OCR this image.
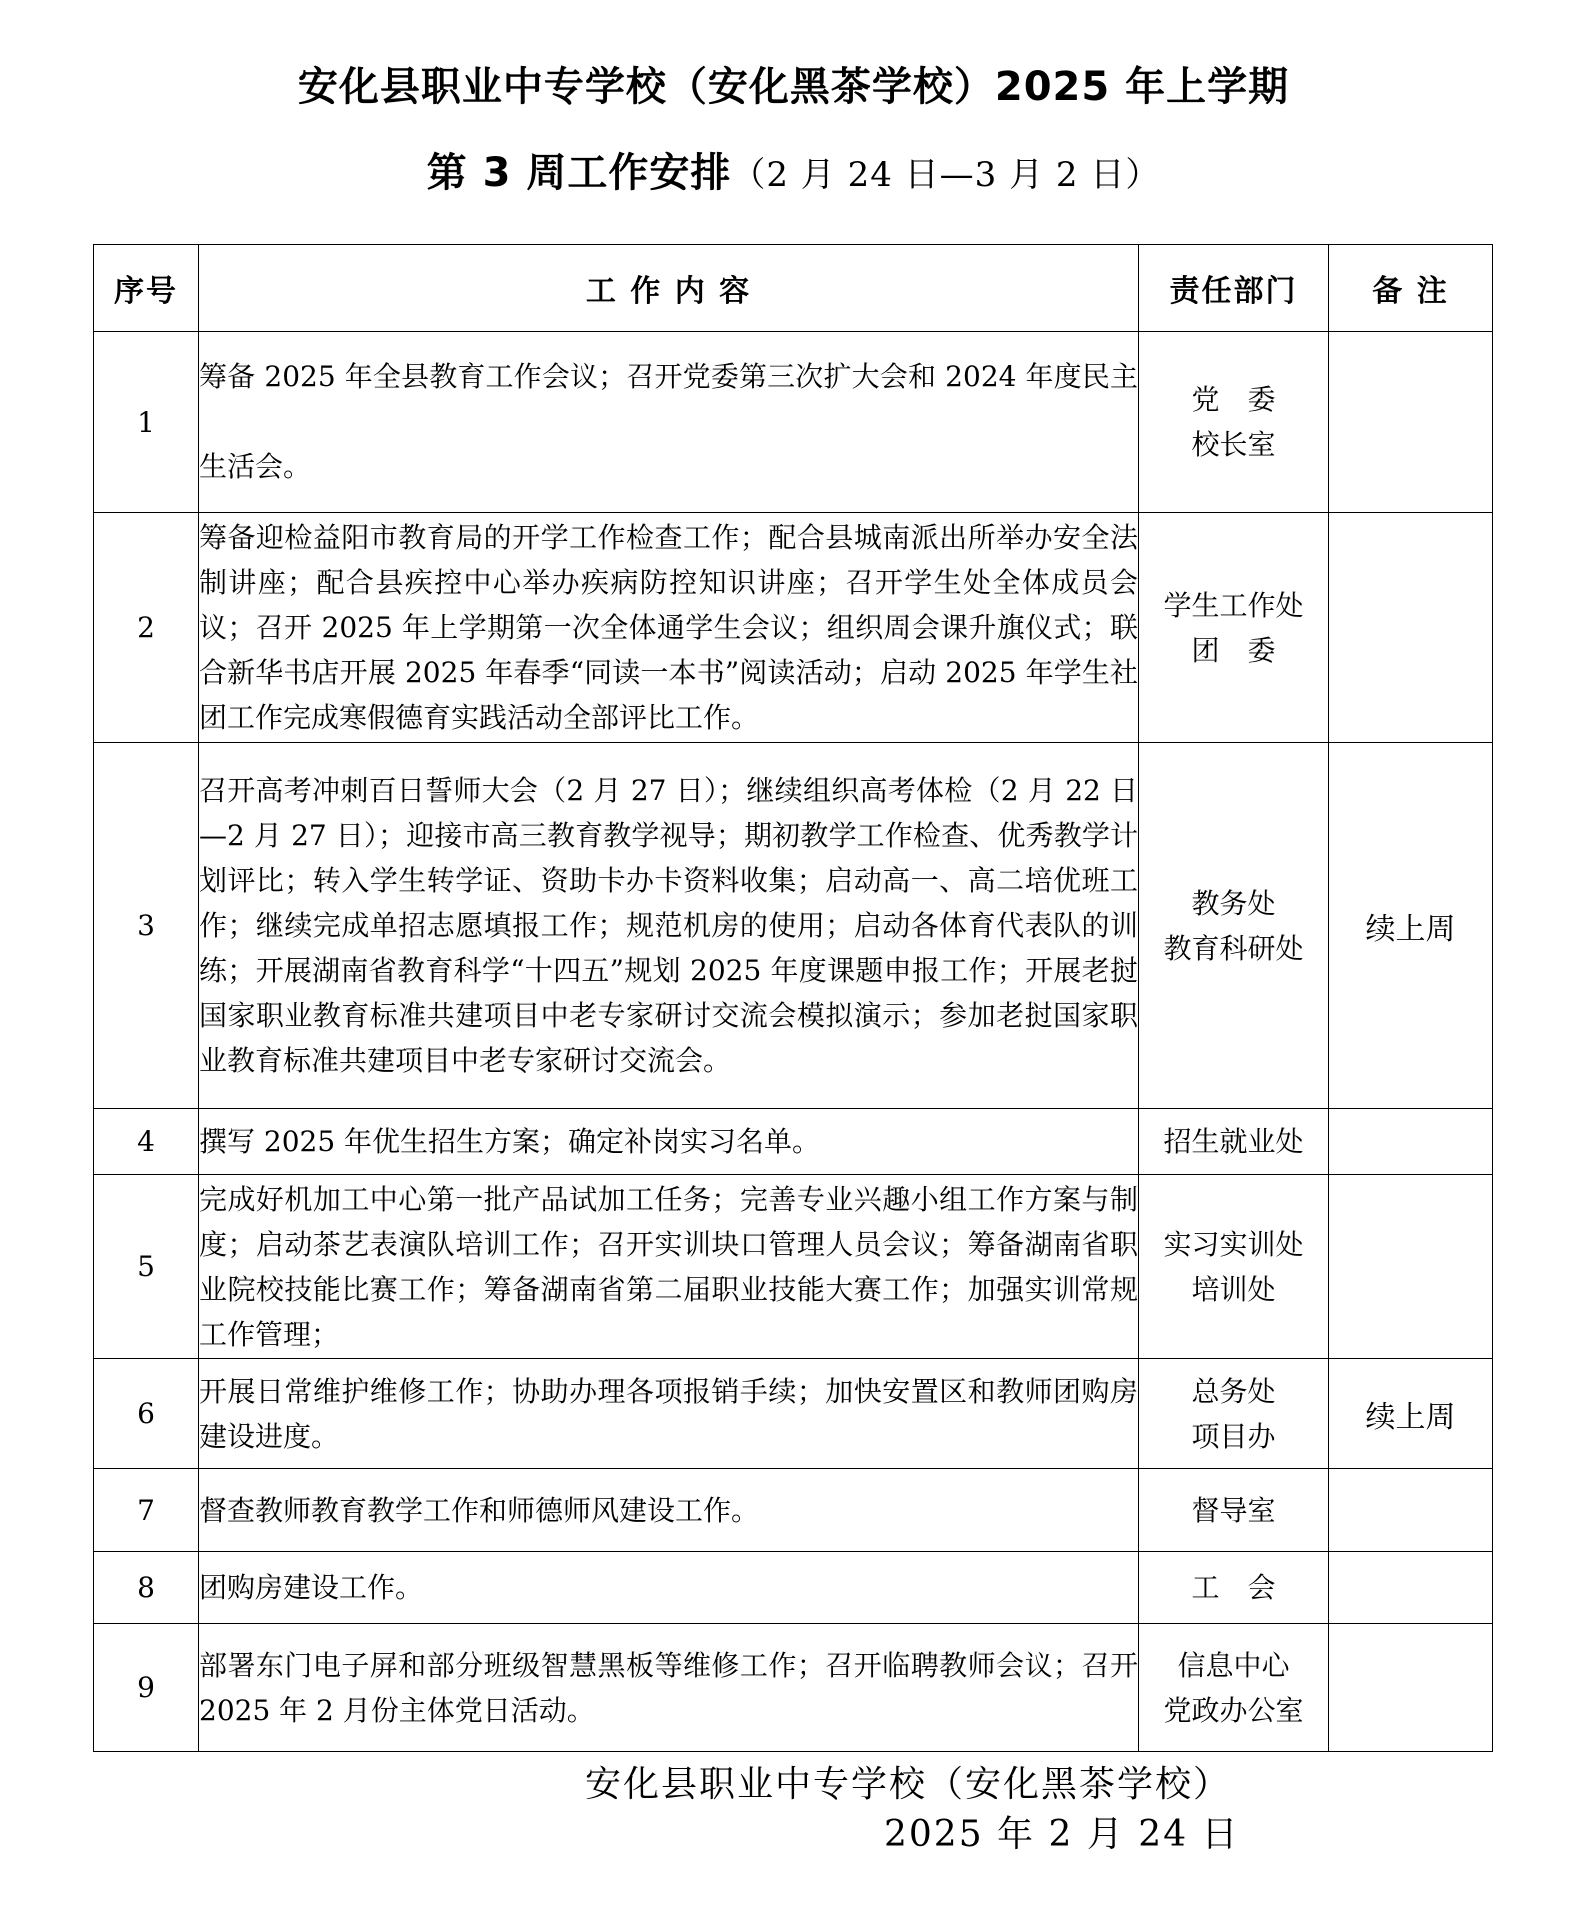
安化县职业中专学校（安化黑茶学校）2025 年上学期
第 3 周工作安排（2 月 24 日—3 月 2 日）
序号	工 作 内 容	责任部门	备 注
1	筹备 2025 年全县教育工作会议；召开党委第三次扩大会和 2024 年度民主生活会。	党　委
校长室	

2	筹备迎检益阳市教育局的开学工作检查工作；配合县城南派出所举办安全法制讲座；配合县疾控中心举办疾病防控知识讲座；召开学生处全体成员会议；召开 2025 年上学期第一次全体通学生会议；组织周会课升旗仪式；联合新华书店开展 2025 年春季“同读一本书”阅读活动；启动 2025 年学生社团工作完成寒假德育实践活动全部评比工作。	学生工作处
团　委	

3	召开高考冲刺百日誓师大会（2 月 27 日）；继续组织高考体检（2 月 22 日—2 月 27 日）；迎接市高三教育教学视导；期初教学工作检查、优秀教学计划评比；转入学生转学证、资助卡办卡资料收集；启动高一、高二培优班工作；继续完成单招志愿填报工作；规范机房的使用；启动各体育代表队的训练；开展湖南省教育科学“十四五”规划 2025 年度课题申报工作；开展老挝国家职业教育标准共建项目中老专家研讨交流会模拟演示；参加老挝国家职业教育标准共建项目中老专家研讨交流会。	教务处
教育科研处	续上周
4	撰写 2025 年优生招生方案；确定补岗实习名单。	招生就业处	

5	完成好机加工中心第一批产品试加工任务；完善专业兴趣小组工作方案与制度；启动茶艺表演队培训工作；召开实训块口管理人员会议；筹备湖南省职业院校技能比赛工作；筹备湖南省第二届职业技能大赛工作；加强实训常规工作管理；	实习实训处
培训处	

6	开展日常维护维修工作；协助办理各项报销手续；加快安置区和教师团购房建设进度。	总务处
项目办	续上周
7	督查教师教育教学工作和师德师风建设工作。	督导室	

8	团购房建设工作。	工　会	

9	部署东门电子屏和部分班级智慧黑板等维修工作；召开临聘教师会议；召开 2025 年 2 月份主体党日活动。	信息中心
党政办公室	

安化县职业中专学校（安化黑茶学校）
2025 年 2 月 24 日
